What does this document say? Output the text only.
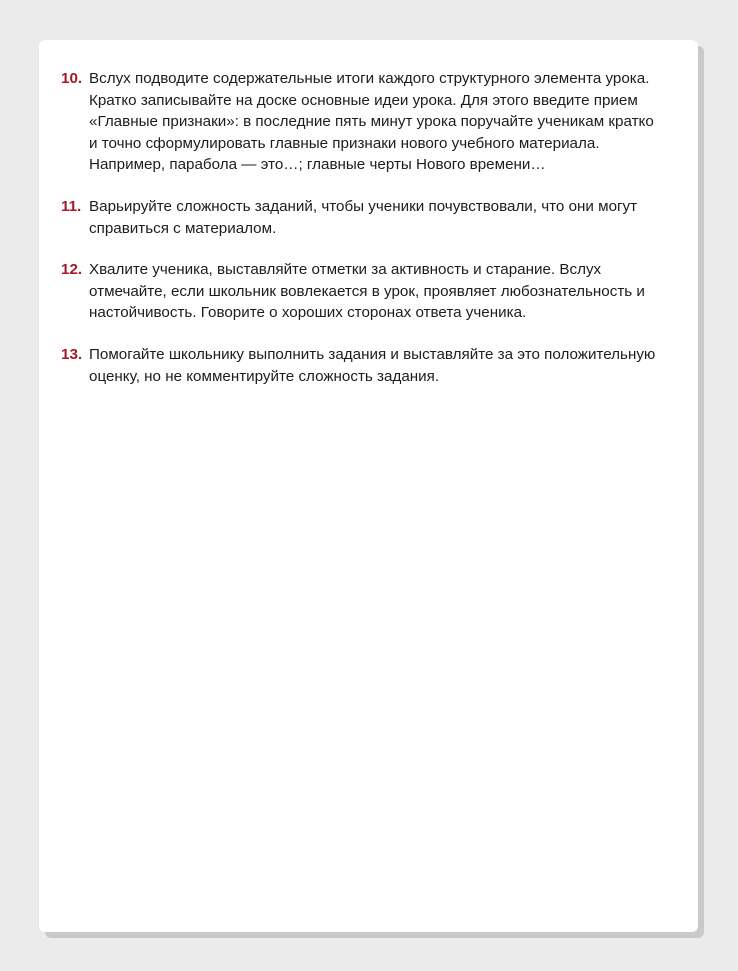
10. Вслух подводите содержательные итоги каждого структурного элемента урока. Кратко записывайте на доске основные идеи урока. Для этого введите прием «Главные признаки»: в последние пять минут урока поручайте ученикам кратко и точно сформулировать главные признаки нового учебного материала. Например, парабола — это…; главные черты Нового времени…
11. Варьируйте сложность заданий, чтобы ученики почувствовали, что они могут справиться с материалом.
12. Хвалите ученика, выставляйте отметки за активность и старание. Вслух отмечайте, если школьник вовлекается в урок, проявляет любознательность и настойчивость. Говорите о хороших сторонах ответа ученика.
13. Помогайте школьнику выполнить задания и выставляйте за это положительную оценку, но не комментируйте сложность задания.
